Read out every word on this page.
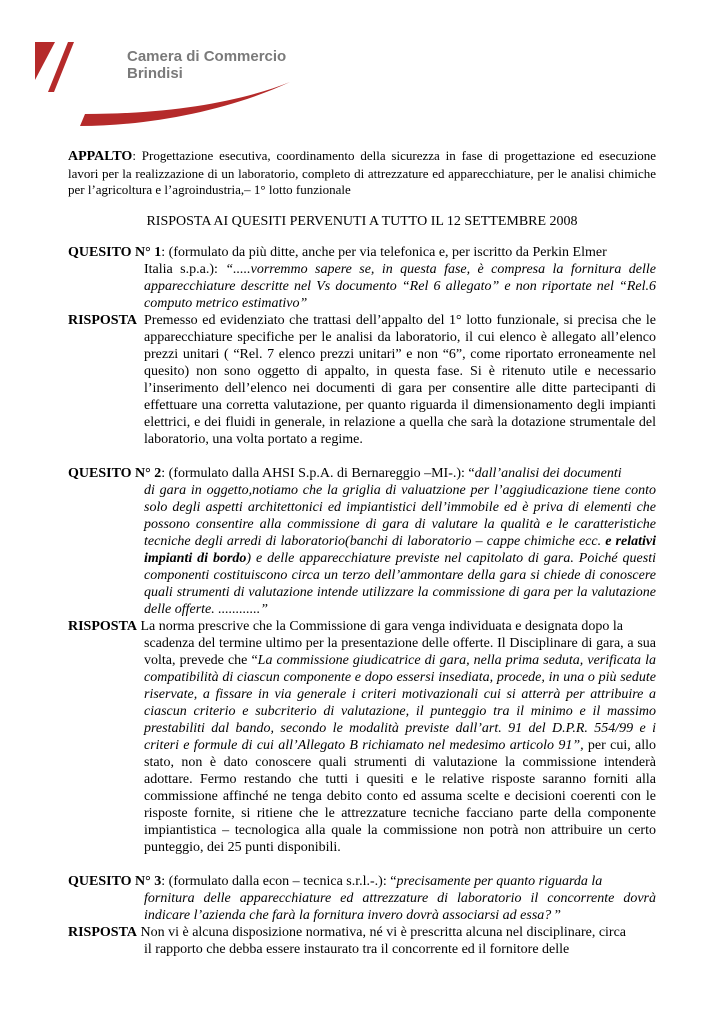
Camera di Commercio
Brindisi
APPALTO: Progettazione esecutiva, coordinamento della sicurezza in fase di progettazione ed esecuzione lavori per la realizzazione di un laboratorio, completo di attrezzature ed apparecchiature, per le analisi chimiche per l’agricoltura e l’agroindustria,– 1° lotto funzionale
RISPOSTA AI QUESITI PERVENUTI A TUTTO IL 12 SETTEMBRE 2008
QUESITO N° 1: (formulato da più ditte, anche per via telefonica e, per iscritto da Perkin Elmer
Italia s.p.a.): “.....vorremmo sapere se, in questa fase, è compresa la fornitura delle apparecchiature descritte nel Vs documento “Rel 6 allegato” e non riportate nel “Rel.6 computo metrico estimativo”
RISPOSTA Premesso ed evidenziato che trattasi dell’appalto del 1° lotto funzionale, si precisa che le apparecchiature specifiche per le analisi da laboratorio, il cui elenco è allegato all’elenco prezzi unitari ( “Rel. 7 elenco prezzi unitari” e non “6”, come riportato erroneamente nel quesito) non sono oggetto di appalto, in questa fase. Si è ritenuto utile e necessario l’inserimento dell’elenco nei documenti di gara per consentire alle ditte partecipanti di effettuare una corretta valutazione, per quanto riguarda il dimensionamento degli impianti elettrici, e dei fluidi in generale, in relazione a quella che sarà la dotazione strumentale del laboratorio, una volta portato a regime.
QUESITO N° 2: (formulato dalla AHSI S.p.A. di Bernareggio –MI-.): “dall’analisi dei documenti
di gara in oggetto,notiamo che la griglia di valuatzione per l’aggiudicazione tiene conto solo degli aspetti architettonici ed impiantistici dell’immobile ed è priva di elementi che possono consentire alla commissione di gara di valutare la qualità e le caratteristiche tecniche degli arredi di laboratorio(banchi di laboratorio – cappe chimiche ecc. e relativi impianti di bordo) e delle apparecchiature previste nel capitolato di gara. Poiché questi componenti costituiscono circa un terzo dell’ammontare della gara si chiede di conoscere quali strumenti di valutazione intende utilizzare la commissione di gara per la valutazione delle offerte. ............”
RISPOSTA La norma prescrive che la Commissione di gara venga individuata e designata dopo la
scadenza del termine ultimo per la presentazione delle offerte. Il Disciplinare di gara, a sua volta, prevede che “La commissione giudicatrice di gara, nella prima seduta, verificata la compatibilità di ciascun componente e dopo essersi insediata, procede, in una o più sedute riservate, a fissare in via generale i criteri motivazionali cui si atterrà per attribuire a ciascun criterio e subcriterio di valutazione, il punteggio tra il minimo e il massimo prestabiliti dal bando, secondo le modalità previste dall’art. 91 del D.P.R. 554/99 e i criteri e formule di cui all’Allegato B richiamato nel medesimo articolo 91”, per cui, allo stato, non è dato conoscere quali strumenti di valutazione la commissione intenderà adottare. Fermo restando che tutti i quesiti e le relative risposte saranno forniti alla commissione affinché ne tenga debito conto ed assuma scelte e decisioni coerenti con le risposte fornite, si ritiene che le attrezzature tecniche facciano parte della componente impiantistica – tecnologica alla quale la commissione non potrà non attribuire un certo punteggio, dei 25 punti disponibili.
QUESITO N° 3: (formulato dalla econ – tecnica s.r.l.-.): “precisamente per quanto riguarda la
fornitura delle apparecchiature ed attrezzature di laboratorio il concorrente dovrà indicare l’azienda che farà la fornitura invero dovrà associarsi ad essa? ”
RISPOSTA Non vi è alcuna disposizione normativa, né vi è prescritta alcuna nel disciplinare, circa
il rapporto che debba essere instaurato tra il concorrente ed il fornitore delle
